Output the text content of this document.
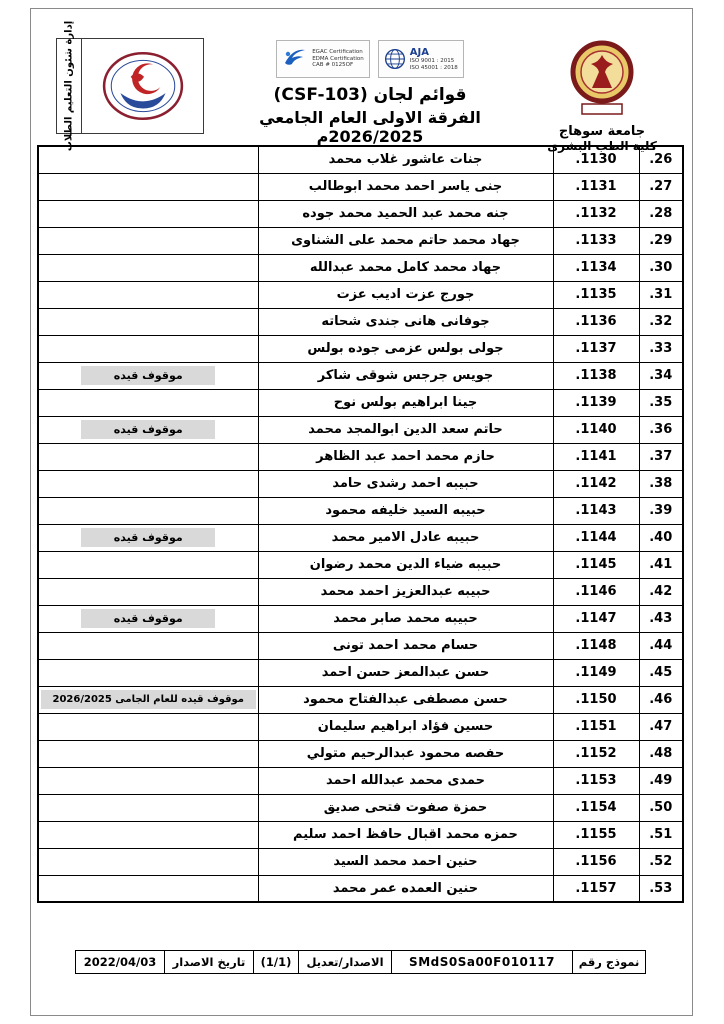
جامعة سوهاج
كلية الطب البشرى
EGAC Certification
EDMA Certification
CAB # 0125OF
AJA
ISO 9001 : 2015
ISO 45001 : 2018
قوائم لجان (CSF-103)
الفرقة الاولى العام الجامعي 2026/2025م
إدارة شئون التعليم الطلاب
26.	1130.	جنات عاشور غلاب محمد	
27.	1131.	جنى ياسر احمد محمد ابوطالب	
28.	1132.	جنه محمد عبد الحميد محمد جوده	
29.	1133.	جهاد محمد حاتم محمد على الشناوى	
30.	1134.	جهاد محمد كامل محمد عبدالله	
31.	1135.	جورج عزت اديب عزت	
32.	1136.	جوفانى هانى جندى شحاته	
33.	1137.	جولى بولس عزمى جوده بولس	
34.	1138.	جويس جرجس شوقى شاكر	موقوف قيده
35.	1139.	جينا ابراهيم بولس نوح	
36.	1140.	حاتم سعد الدين ابوالمجد محمد	موقوف قيده
37.	1141.	حازم محمد احمد عبد الظاهر	
38.	1142.	حبيبه احمد رشدى حامد	
39.	1143.	حبيبه السيد خليفه محمود	
40.	1144.	حبيبه عادل الامير محمد	موقوف قيده
41.	1145.	حبيبه ضياء الدين محمد رضوان	
42.	1146.	حبيبه عبدالعزيز احمد محمد	
43.	1147.	حبيبه محمد صابر محمد	موقوف قيده
44.	1148.	حسام محمد احمد تونى	
45.	1149.	حسن عبدالمعز حسن احمد	
46.	1150.	حسن مصطفى عبدالفتاح محمود	موقوف قيده للعام الجامى 2026/2025

47.	1151.	حسين فؤاد ابراهيم سليمان	
48.	1152.	حفصه محمود عبدالرحيم متولي	
49.	1153.	حمدى محمد عبدالله احمد	
50.	1154.	حمزة صفوت فتحى صديق	
51.	1155.	حمزه محمد اقبال حافظ احمد سليم	
52.	1156.	حنين احمد محمد السيد	
53.	1157.	حنين العمده عمر محمد	
نموذج رقم
SMdS0Sa00F010117
الاصدار/تعديل
(1/1)
تاريخ الاصدار
2022/04/03
